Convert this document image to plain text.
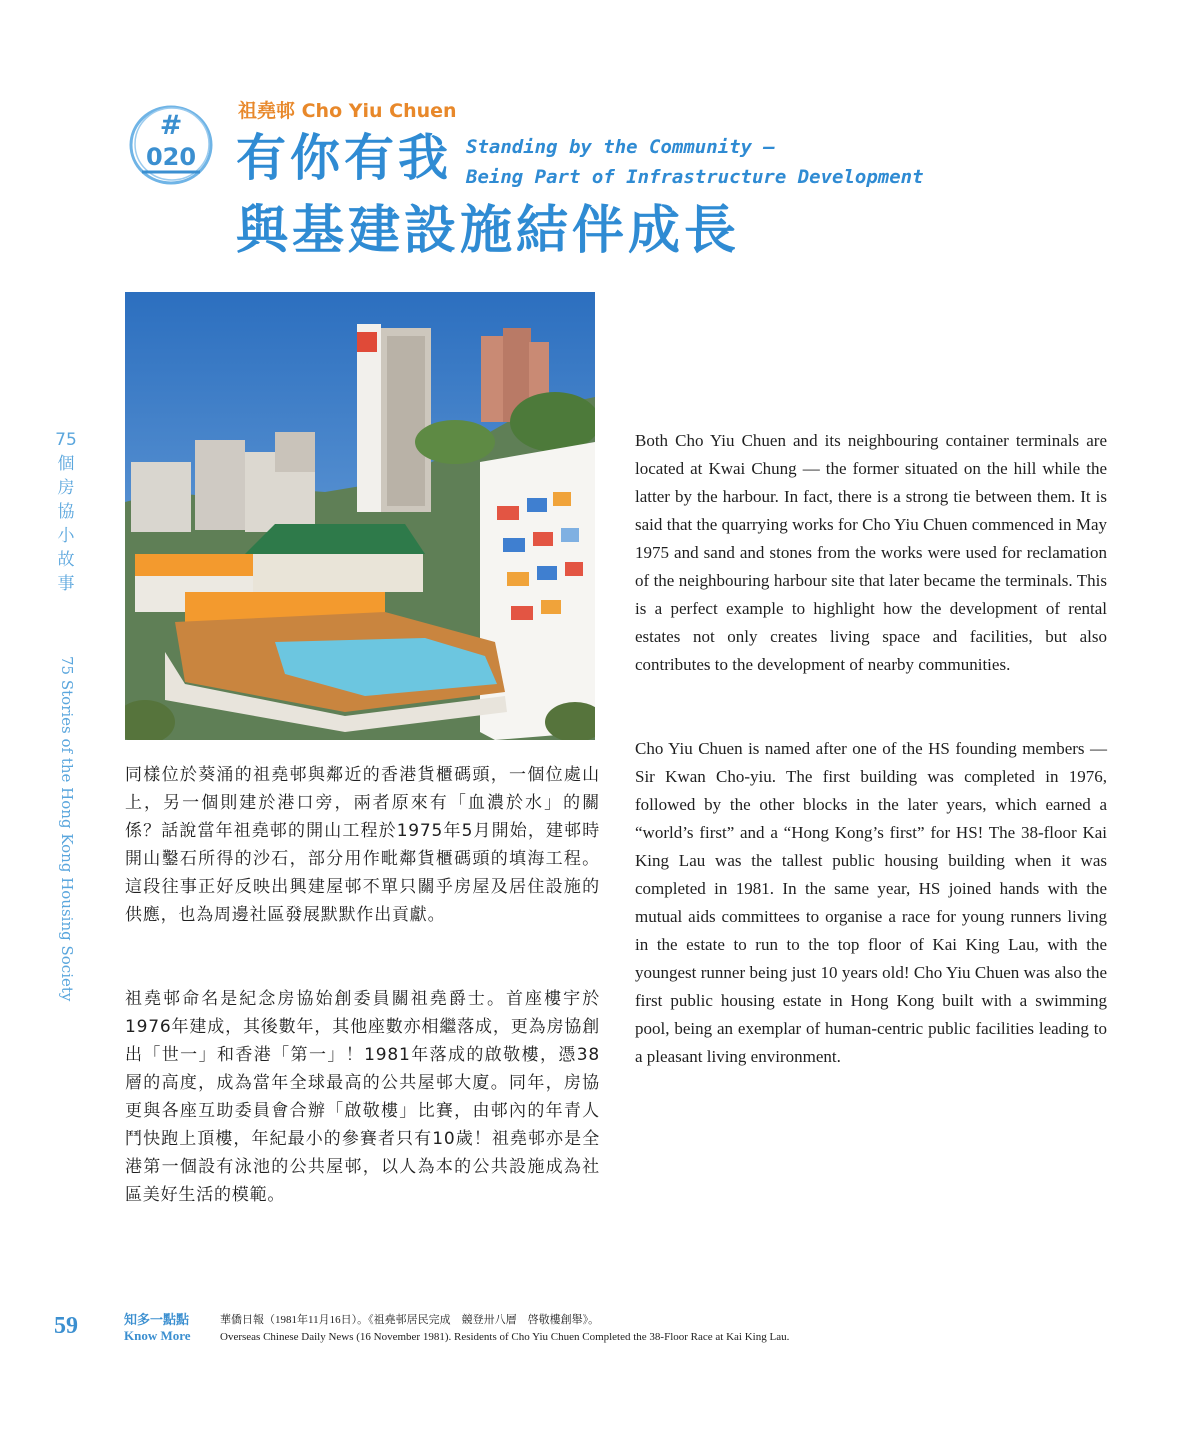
#
020
祖堯邨 Cho Yiu Chuen
有你有我
與基建設施結伴成長
Standing by the Community —
Being Part of Infrastructure Development
75
個
房
協
小
故
事
75 Stories of the Hong Kong Housing Society	同樣位於葵涌的祖堯邨與鄰近的香港貨櫃碼頭，一個位處山上，另一個則建於港口旁，兩者原來有「血濃於水」的關係？話說當年祖堯邨的開山工程於1975年5月開始，建邨時開山鑿石所得的沙石，部分用作毗鄰貨櫃碼頭的填海工程。這段往事正好反映出興建屋邨不單只關乎房屋及居住設施的供應，也為周邊社區發展默默作出貢獻。

祖堯邨命名是紀念房協始創委員關祖堯爵士。首座樓宇於1976年建成，其後數年，其他座數亦相繼落成，更為房協創出「世一」和香港「第一」！1981年落成的啟敬樓，憑38層的高度，成為當年全球最高的公共屋邨大廈。同年，房協更與各座互助委員會合辦「啟敬樓」比賽，由邨內的年青人鬥快跑上頂樓，年紀最小的參賽者只有10歲！祖堯邨亦是全港第一個設有泳池的公共屋邨，以人為本的公共設施成為社區美好生活的模範。

Both Cho Yiu Chuen and its neighbouring container terminals are located at Kwai Chung — the former situated on the hill while the latter by the harbour. In fact, there is a strong tie between them. It is said that the quarrying works for Cho Yiu Chuen commenced in May 1975 and sand and stones from the works were used for reclamation of the neighbouring harbour site that later became the terminals. This is a perfect example to highlight how the development of rental estates not only creates living space and facilities, but also contributes to the development of nearby communities.

Cho Yiu Chuen is named after one of the HS founding members — Sir Kwan Cho-yiu. The first building was completed in 1976, followed by the other blocks in the later years, which earned a “world’s first” and a “Hong Kong’s first” for HS! The 38-floor Kai King Lau was the tallest public housing building when it was completed in 1981. In the same year, HS joined hands with the mutual aids committees to organise a race for young runners living in the estate to run to the top floor of Kai King Lau, with the youngest runner being just 10 years old! Cho Yiu Chuen was also the first public housing estate in Hong Kong built with a swimming pool, being an exemplar of human-centric public facilities leading to a pleasant living environment.

59	知多一點點
Know More
華僑日報（1981年11月16日）。《祖堯邨居民完成　競登卅八層　啓敬樓創舉》。
Overseas Chinese Daily News (16 November 1981). Residents of Cho Yiu Chuen Completed the 38-Floor Race at Kai King Lau.
